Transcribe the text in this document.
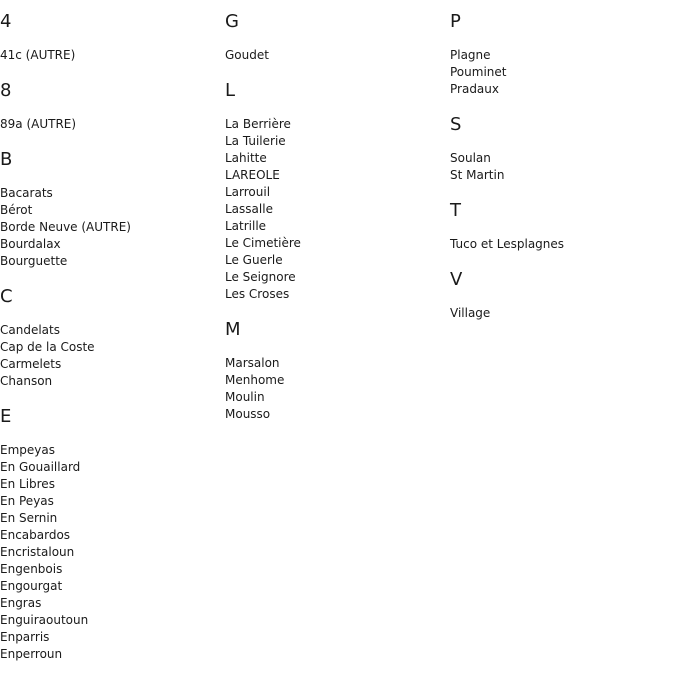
4
41c (AUTRE)
8
89a (AUTRE)
B
Bacarats
Bérot
Borde Neuve (AUTRE)
Bourdalax
Bourguette
C
Candelats
Cap de la Coste
Carmelets
Chanson
E
Empeyas
En Gouaillard
En Libres
En Peyas
En Sernin
Encabardos
Encristaloun
Engenbois
Engourgat
Engras
Enguiraoutoun
Enparris
Enperroun
G
Goudet
L
La Berrière
La Tuilerie
Lahitte
LAREOLE
Larrouil
Lassalle
Latrille
Le Cimetière
Le Guerle
Le Seignore
Les Croses
M
Marsalon
Menhome
Moulin
Mousso
P
Plagne
Pouminet
Pradaux
S
Soulan
St Martin
T
Tuco et Lesplagnes
V
Village
